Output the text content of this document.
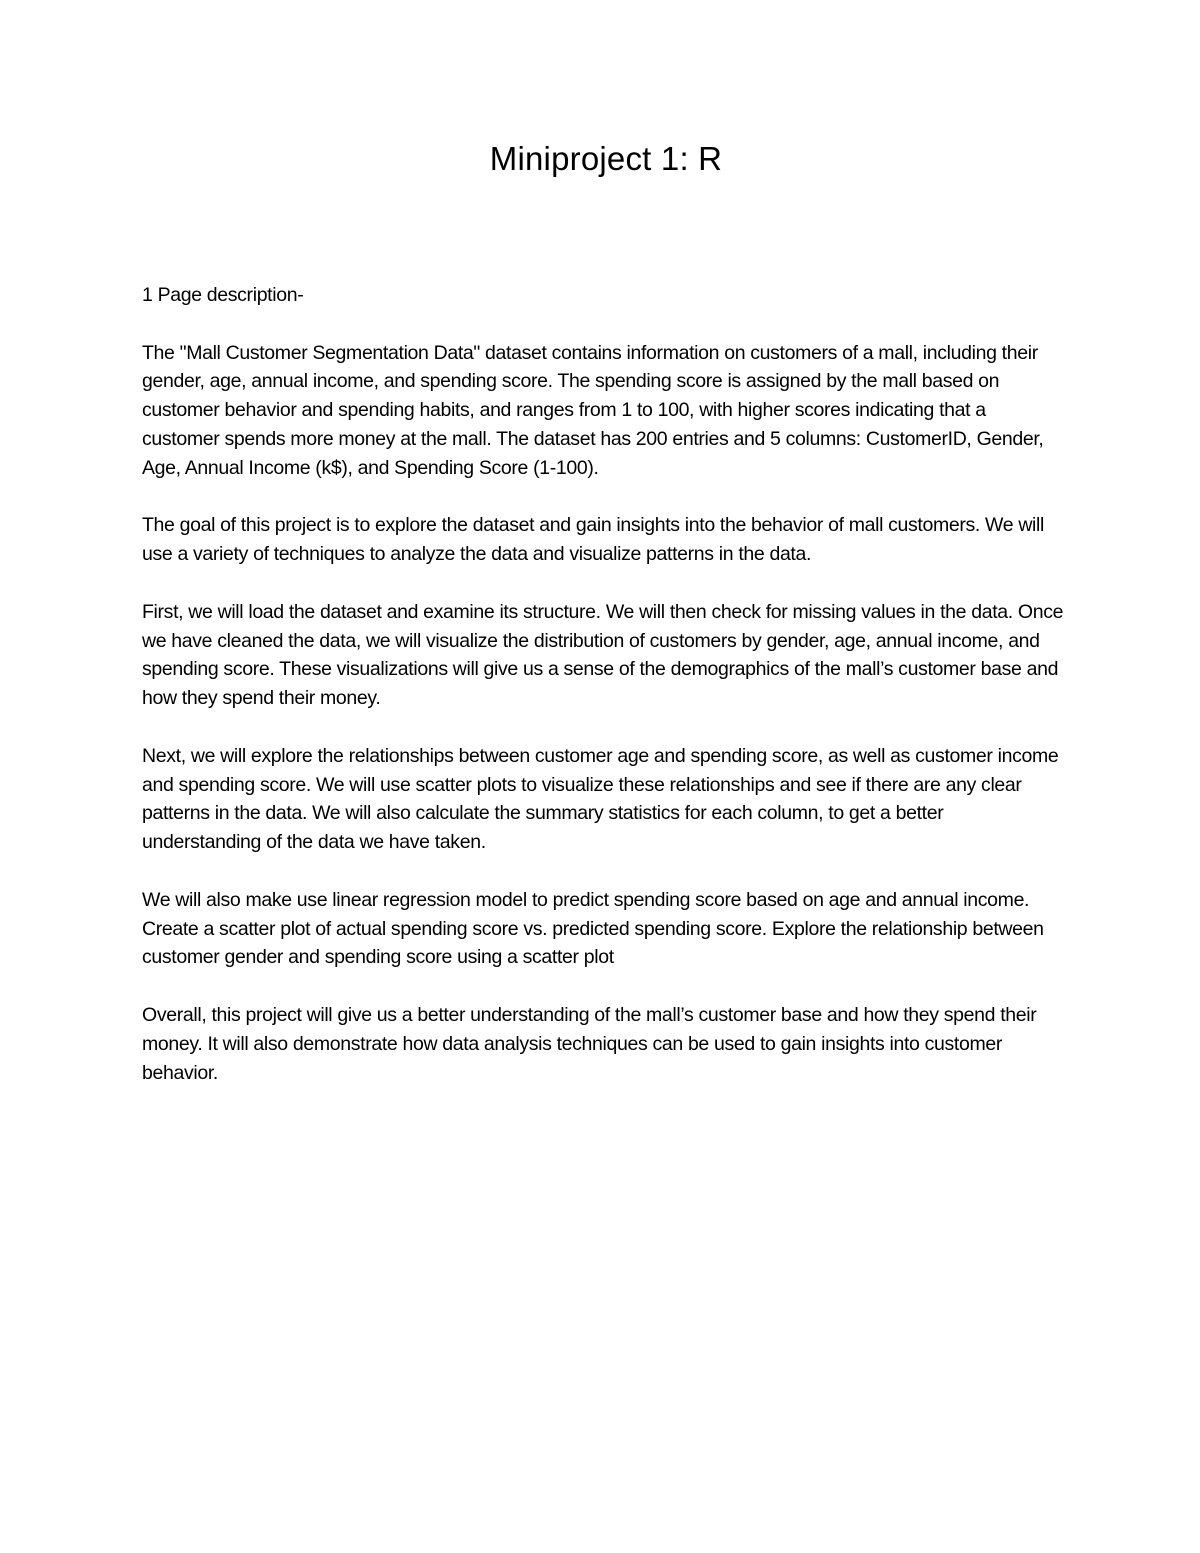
Miniproject 1: R

1 Page description-

The "Mall Customer Segmentation Data" dataset contains information on customers of a mall, including their gender, age, annual income, and spending score. The spending score is assigned by the mall based on customer behavior and spending habits, and ranges from 1 to 100, with higher scores indicating that a customer spends more money at the mall. The dataset has 200 entries and 5 columns: CustomerID, Gender, Age, Annual Income (k$), and Spending Score (1-100).

The goal of this project is to explore the dataset and gain insights into the behavior of mall customers. We will use a variety of techniques to analyze the data and visualize patterns in the data.

First, we will load the dataset and examine its structure. We will then check for missing values in the data. Once we have cleaned the data, we will visualize the distribution of customers by gender, age, annual income, and spending score. These visualizations will give us a sense of the demographics of the mall’s customer base and how they spend their money.

Next, we will explore the relationships between customer age and spending score, as well as customer income and spending score. We will use scatter plots to visualize these relationships and see if there are any clear patterns in the data. We will also calculate the summary statistics for each column, to get a better understanding of the data we have taken.

We will also make use linear regression model to predict spending score based on age and annual income. Create a scatter plot of actual spending score vs. predicted spending score. Explore the relationship between customer gender and spending score using a scatter plot

Overall, this project will give us a better understanding of the mall’s customer base and how they spend their money. It will also demonstrate how data analysis techniques can be used to gain insights into customer behavior.
